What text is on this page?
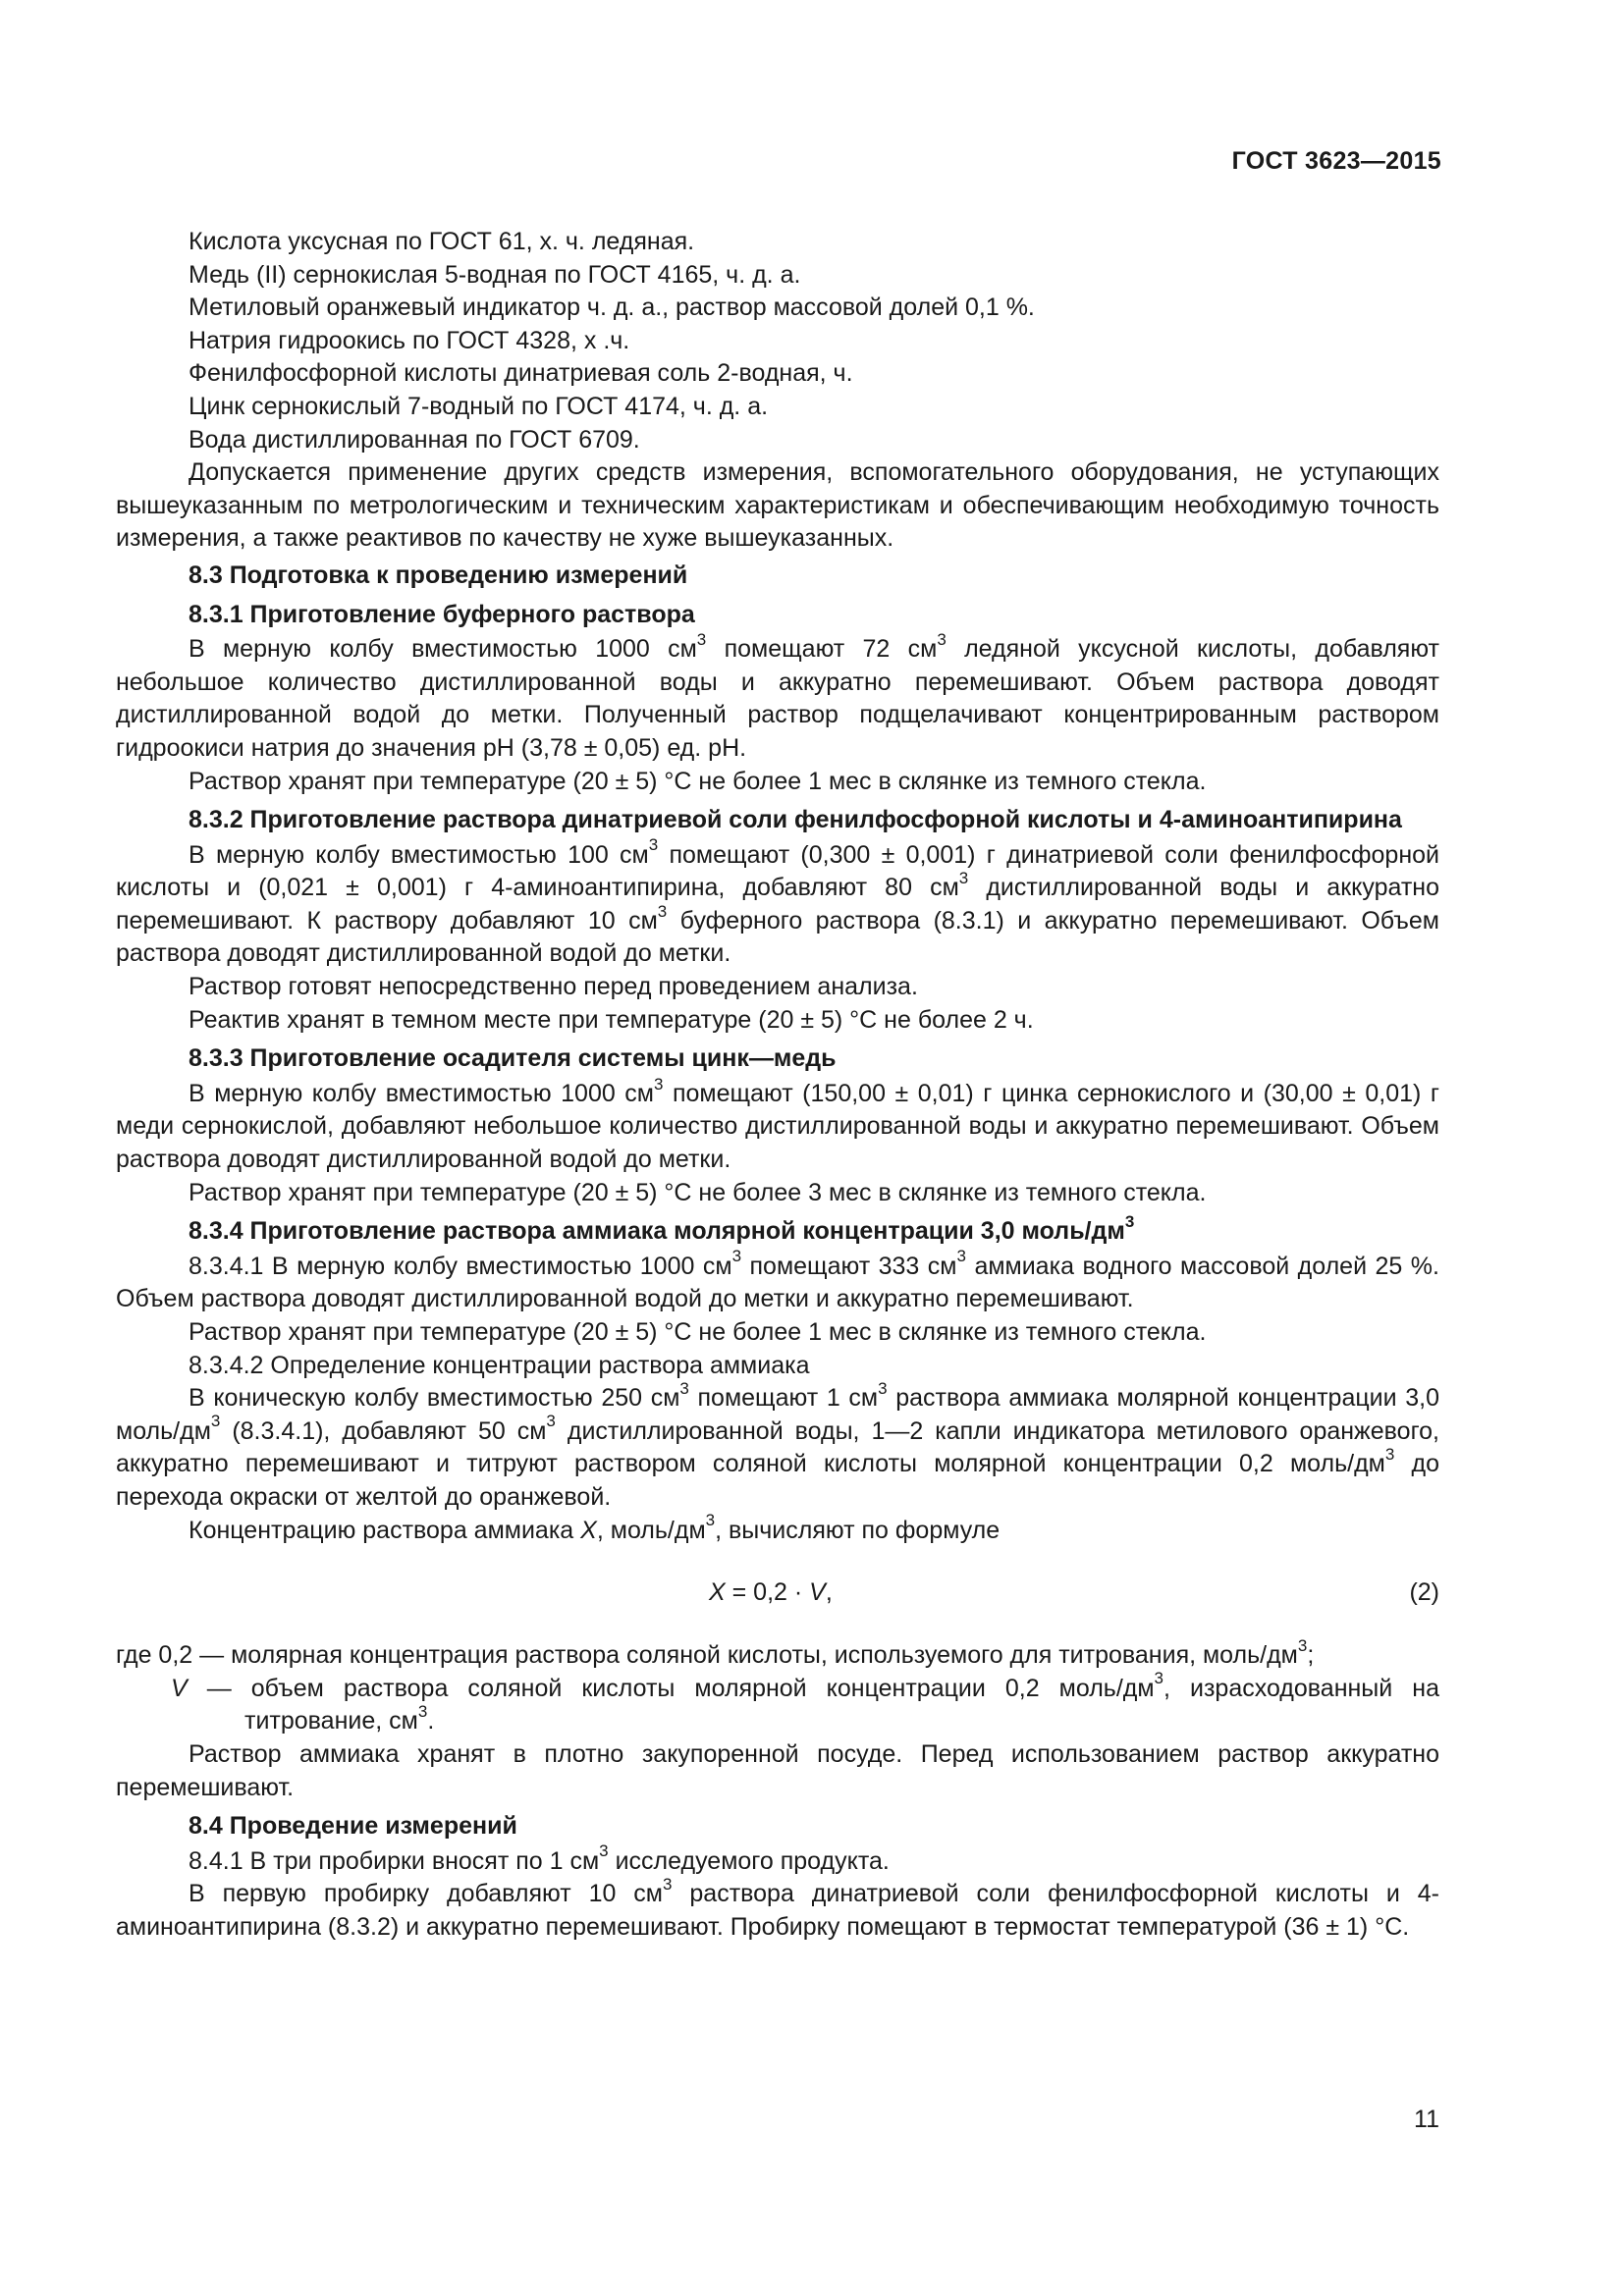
ГОСТ 3623—2015

Кислота уксусная по ГОСТ 61, х. ч. ледяная.

Медь (II) сернокислая 5-водная по ГОСТ 4165, ч. д. а.

Метиловый оранжевый индикатор ч. д. а., раствор массовой долей 0,1 %.

Натрия гидроокись по ГОСТ 4328, х .ч.

Фенилфосфорной кислоты динатриевая соль 2-водная, ч.

Цинк сернокислый 7-водный по ГОСТ 4174, ч. д. а.

Вода дистиллированная по ГОСТ 6709.

Допускается применение других средств измерения, вспомогательного оборудования, не уступающих вышеуказанным по метрологическим и техническим характеристикам и обеспечивающим необходимую точность измерения, а также реактивов по качеству не хуже вышеуказанных.

8.3 Подготовка к проведению измерений

8.3.1 Приготовление буферного раствора

В мерную колбу вместимостью 1000 $см^3$ помещают 72 $см^3$ ледяной уксусной кислоты, добавляют небольшое количество дистиллированной воды и аккуратно перемешивают. Объем раствора доводят дистиллированной водой до метки. Полученный раствор подщелачивают концентрированным раствором гидроокиси натрия до значения pH (3,78 ± 0,05) ед. pH.

Раствор хранят при температуре (20 ± 5) °С не более 1 мес в склянке из темного стекла.

8.3.2 Приготовление раствора динатриевой соли фенилфосфорной кислоты и 4-аминоантипирина

В мерную колбу вместимостью 100 $см^3$ помещают (0,300 ± 0,001) г динатриевой соли фенилфосфорной кислоты и (0,021 ± 0,001) г 4-аминоантипирина, добавляют 80 $см^3$ дистиллированной воды и аккуратно перемешивают. К раствору добавляют 10 $см^3$ буферного раствора (8.3.1) и аккуратно перемешивают. Объем раствора доводят дистиллированной водой до метки.

Раствор готовят непосредственно перед проведением анализа.

Реактив хранят в темном месте при температуре (20 ± 5) °С не более 2 ч.

8.3.3 Приготовление осадителя системы цинк—медь

В мерную колбу вместимостью 1000 $см^3$ помещают (150,00 ± 0,01) г цинка сернокислого и (30,00 ± 0,01) г меди сернокислой, добавляют небольшое количество дистиллированной воды и аккуратно перемешивают. Объем раствора доводят дистиллированной водой до метки.

Раствор хранят при температуре (20 ± 5) °С не более 3 мес в склянке из темного стекла.

8.3.4 Приготовление раствора аммиака молярной концентрации 3,0 моль/$дм^3$

8.3.4.1 В мерную колбу вместимостью 1000 $см^3$ помещают 333 $см^3$ аммиака водного массовой долей 25 %. Объем раствора доводят дистиллированной водой до метки и аккуратно перемешивают.

Раствор хранят при температуре (20 ± 5) °С не более 1 мес в склянке из темного стекла.

8.3.4.2 Определение концентрации раствора аммиака

В коническую колбу вместимостью 250 $см^3$ помещают 1 $см^3$ раствора аммиака молярной концентрации 3,0 моль/$дм^3$ (8.3.4.1), добавляют 50 $см^3$ дистиллированной воды, 1—2 капли индикатора метилового оранжевого, аккуратно перемешивают и титруют раствором соляной кислоты молярной концентрации 0,2 моль/$дм^3$ до перехода окраски от желтой до оранжевой.

Концентрацию раствора аммиака X, моль/$дм^3$, вычисляют по формуле

X = 0,2 · V,	(2)

где 0,2 — молярная концентрация раствора соляной кислоты, используемого для титрования, моль/$дм^3$;

V — объем раствора соляной кислоты молярной концентрации 0,2 моль/$дм^3$, израсходованный на титрование, $см^3$.

Раствор аммиака хранят в плотно закупоренной посуде. Перед использованием раствор аккуратно перемешивают.

8.4 Проведение измерений

8.4.1 В три пробирки вносят по 1 $см^3$ исследуемого продукта.

В первую пробирку добавляют 10 $см^3$ раствора динатриевой соли фенилфосфорной кислоты и 4-аминоантипирина (8.3.2) и аккуратно перемешивают. Пробирку помещают в термостат температурой (36 ± 1) °С.

11
